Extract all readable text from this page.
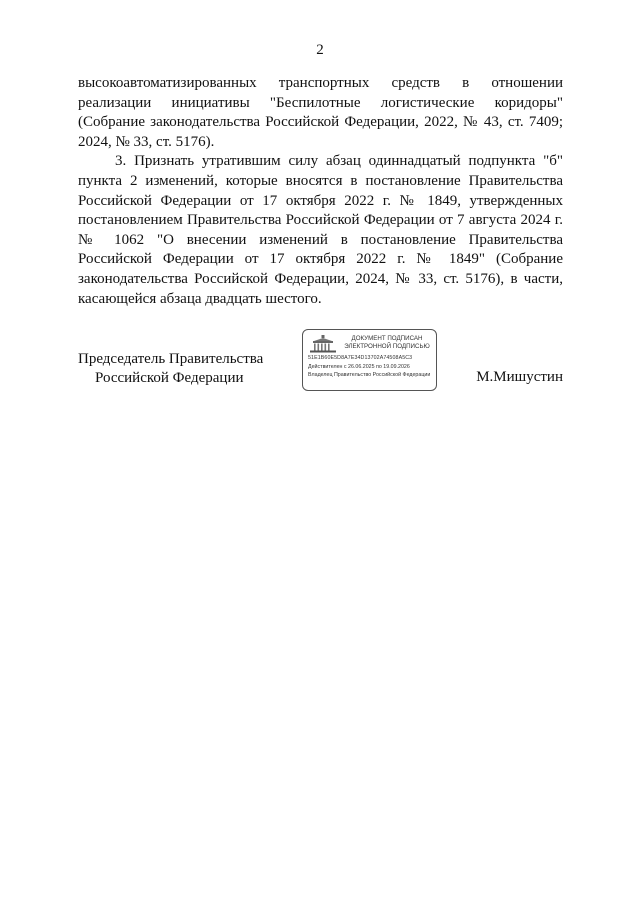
2
высокоавтоматизированных транспортных средств в отношении
реализации инициативы "Беспилотные логистические коридоры"
(Собрание законодательства Российской Федерации, 2022, № 43, ст. 7409;
2024, № 33, ст. 5176).
3. Признать утратившим силу абзац одиннадцатый подпункта "б"
пункта 2 изменений, которые вносятся в постановление Правительства
Российской Федерации от 17 октября 2022 г. № 1849, утвержденных
постановлением Правительства Российской Федерации от 7 августа 2024 г.
№ 1062 "О внесении изменений в постановление Правительства
Российской Федерации от 17 октября 2022 г. № 1849" (Собрание
законодательства Российской Федерации, 2024, № 33, ст. 5176), в части,
касающейся абзаца двадцать шестого.
Председатель Правительства
Российской Федерации
ДОКУМЕНТ ПОДПИСАН
ЭЛЕКТРОННОЙ ПОДПИСЬЮ
51E1B60E5D8A7E34D13702A74508A5C3
Действителен с 26.06.2025 по 19.09.2026
Владелец Правительство Российской Федерации	М.Мишустин
